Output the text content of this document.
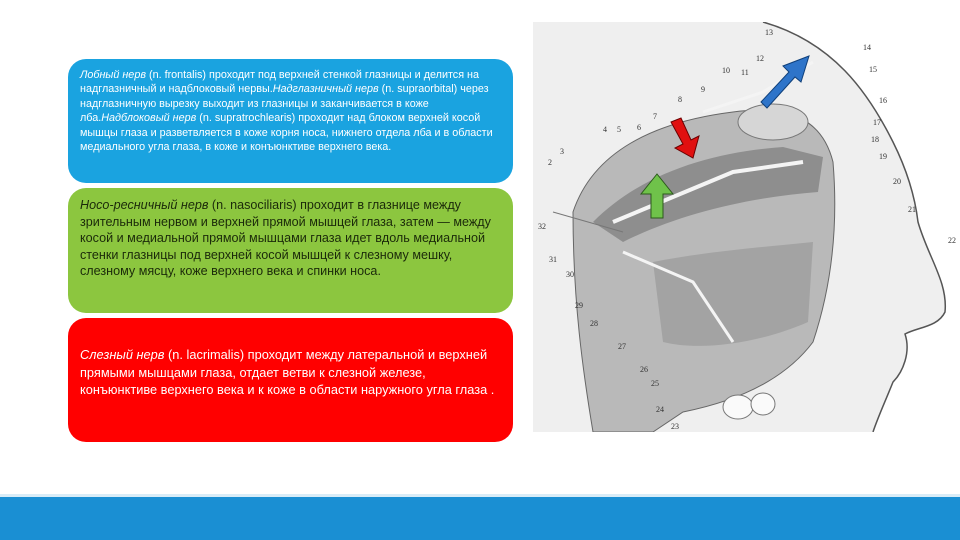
Лобный нерв (n. frontalis) проходит под верхней стенкой глазницы и делится на надглазничный и надблоковый нервы.Надглазничный нерв (n. supraorbital) через надглазничную вырезку выходит из глазницы и заканчивается в коже лба.Надблоковый нерв (n. supratrochlearis) проходит над блоком верхней косой мышцы глаза и разветвляется в коже корня носа, нижнего отдела лба и в области медиального угла глаза, в коже и конъюнктиве верхнего века.

Носо-ресничный нерв (n. nasociliaris) проходит в глазнице между зрительным нервом и верхней прямой мышцей глаза, затем — между косой и медиальной прямой мышцами глаза идет вдоль медиальной стенки глазницы под верхней косой мышцей к слезному мешку, слезному мясцу, коже верхнего века и спинки носа.

Слезный нерв (n. lacrimalis) проходит между латеральной и верхней прямыми мышцами глаза, отдает ветви к слезной железе, конъюнктиве верхнего века и к коже в области наружного угла глаза .

13
14
15
16
17
18
19
20
21
22
12
11
10
9
8
7
6
5
4
3
2
32
31
30
29
28
27
26
25
24
23
